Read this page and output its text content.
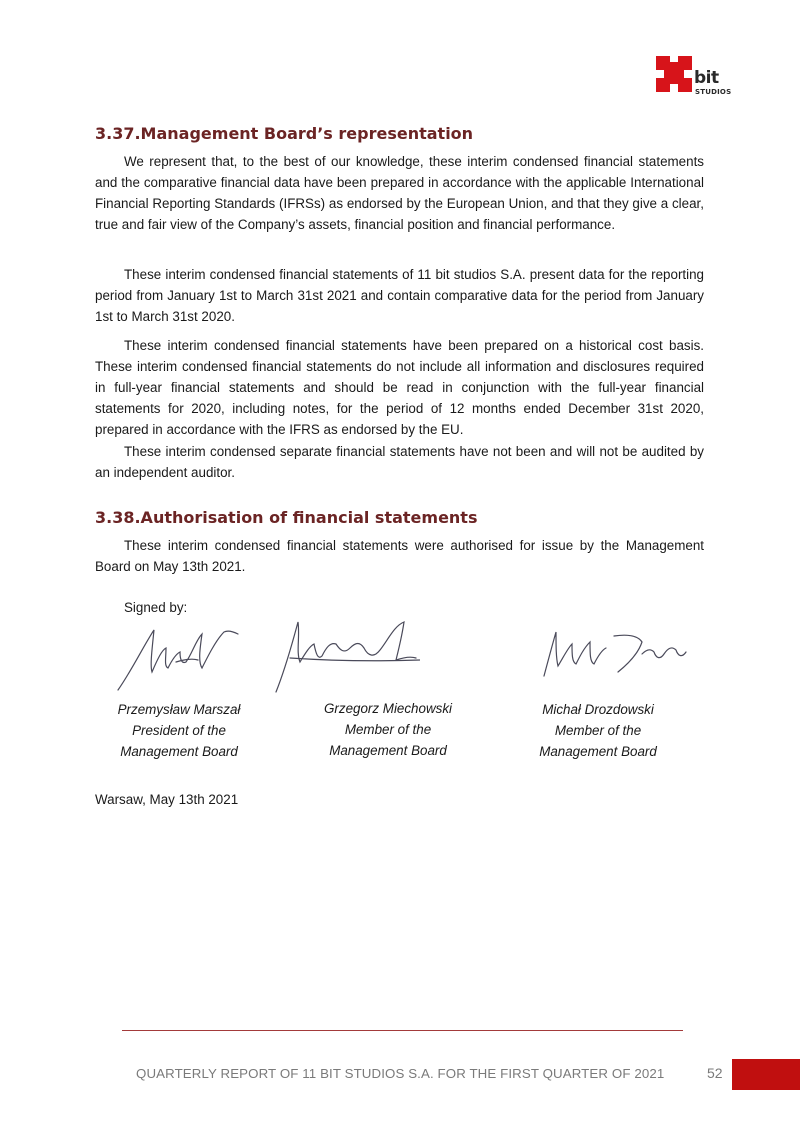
bit
STUDIOS
3.37.Management Board’s representation

We represent that, to the best of our knowledge, these interim condensed financial statements and the comparative financial data have been prepared in accordance with the applicable International Financial Reporting Standards (IFRSs) as endorsed by the European Union, and that they give a clear, true and fair view of the Company’s assets, financial position and financial performance.

These interim condensed financial statements of 11 bit studios S.A. present data for the reporting period from January 1st to March 31st 2021 and contain comparative data for the period from January 1st to March 31st 2020.

These interim condensed financial statements have been prepared on a historical cost basis. These interim condensed financial statements do not include all information and disclosures required in full-year financial statements and should be read in conjunction with the full-year financial statements for 2020, including notes, for the period of 12 months ended December 31st 2020, prepared in accordance with the IFRS as endorsed by the EU.

These interim condensed separate financial statements have not been and will not be audited by an independent auditor.

3.38.Authorisation of financial statements

These interim condensed financial statements were authorised for issue by the Management Board on May 13th 2021.

Signed by:

Przemysław Marszał
President of the
Management Board
Grzegorz Miechowski
Member of the
Management Board
Michał Drozdowski
Member of the
Management Board

Warsaw, May 13th 2021

QUARTERLY REPORT OF 11 BIT STUDIOS S.A. FOR THE FIRST QUARTER OF 2021	52
